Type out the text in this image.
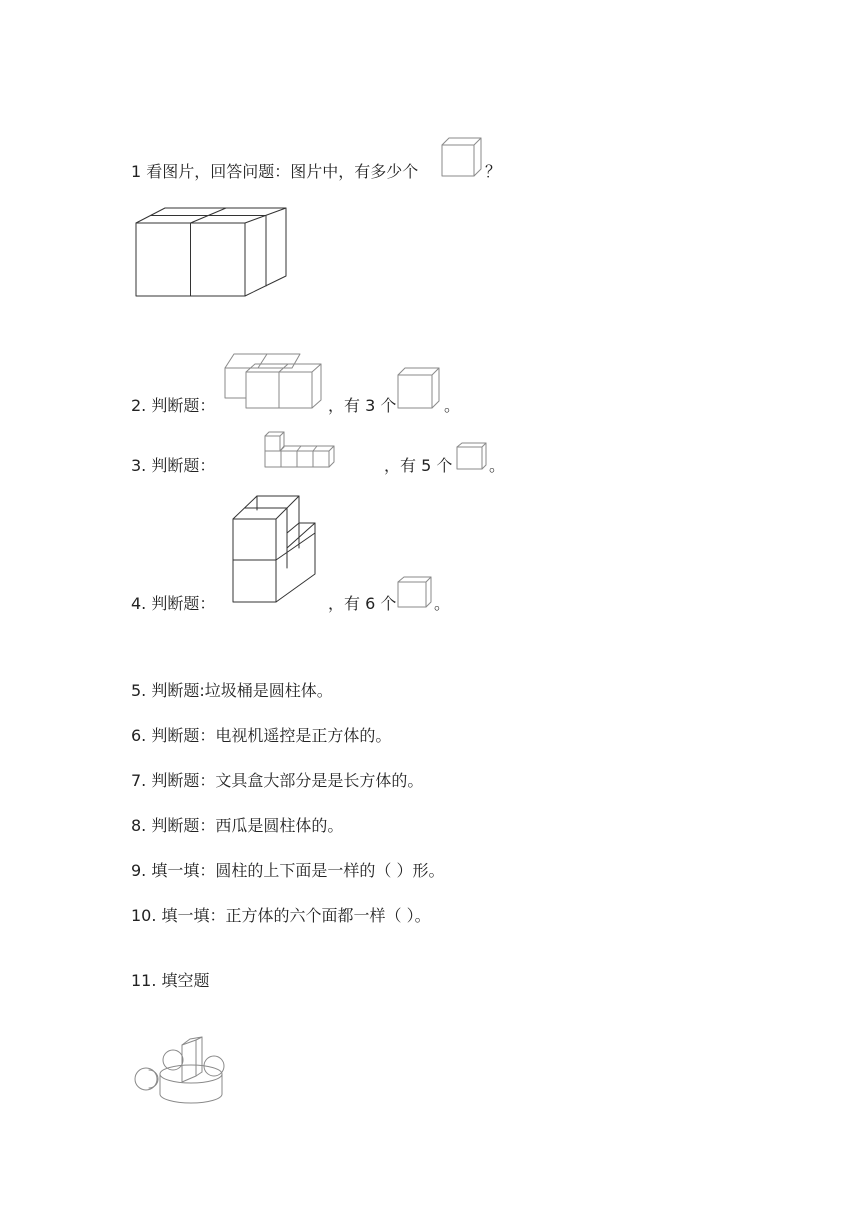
1 看图片，回答问题：图片中，有多少个	？
2. 判断题：	，有 3 个	。
3. 判断题：	，有 5 个 。
4. 判断题：	，有 6 个 。
5. 判断题:垃圾桶是圆柱体。
6. 判断题：电视机遥控是正方体的。
7. 判断题：文具盒大部分是是长方体的。
8. 判断题：西瓜是圆柱体的。
9. 填一填：圆柱的上下面是一样的（ ）形。
10. 填一填：正方体的六个面都一样（ ）。
11. 填空题
